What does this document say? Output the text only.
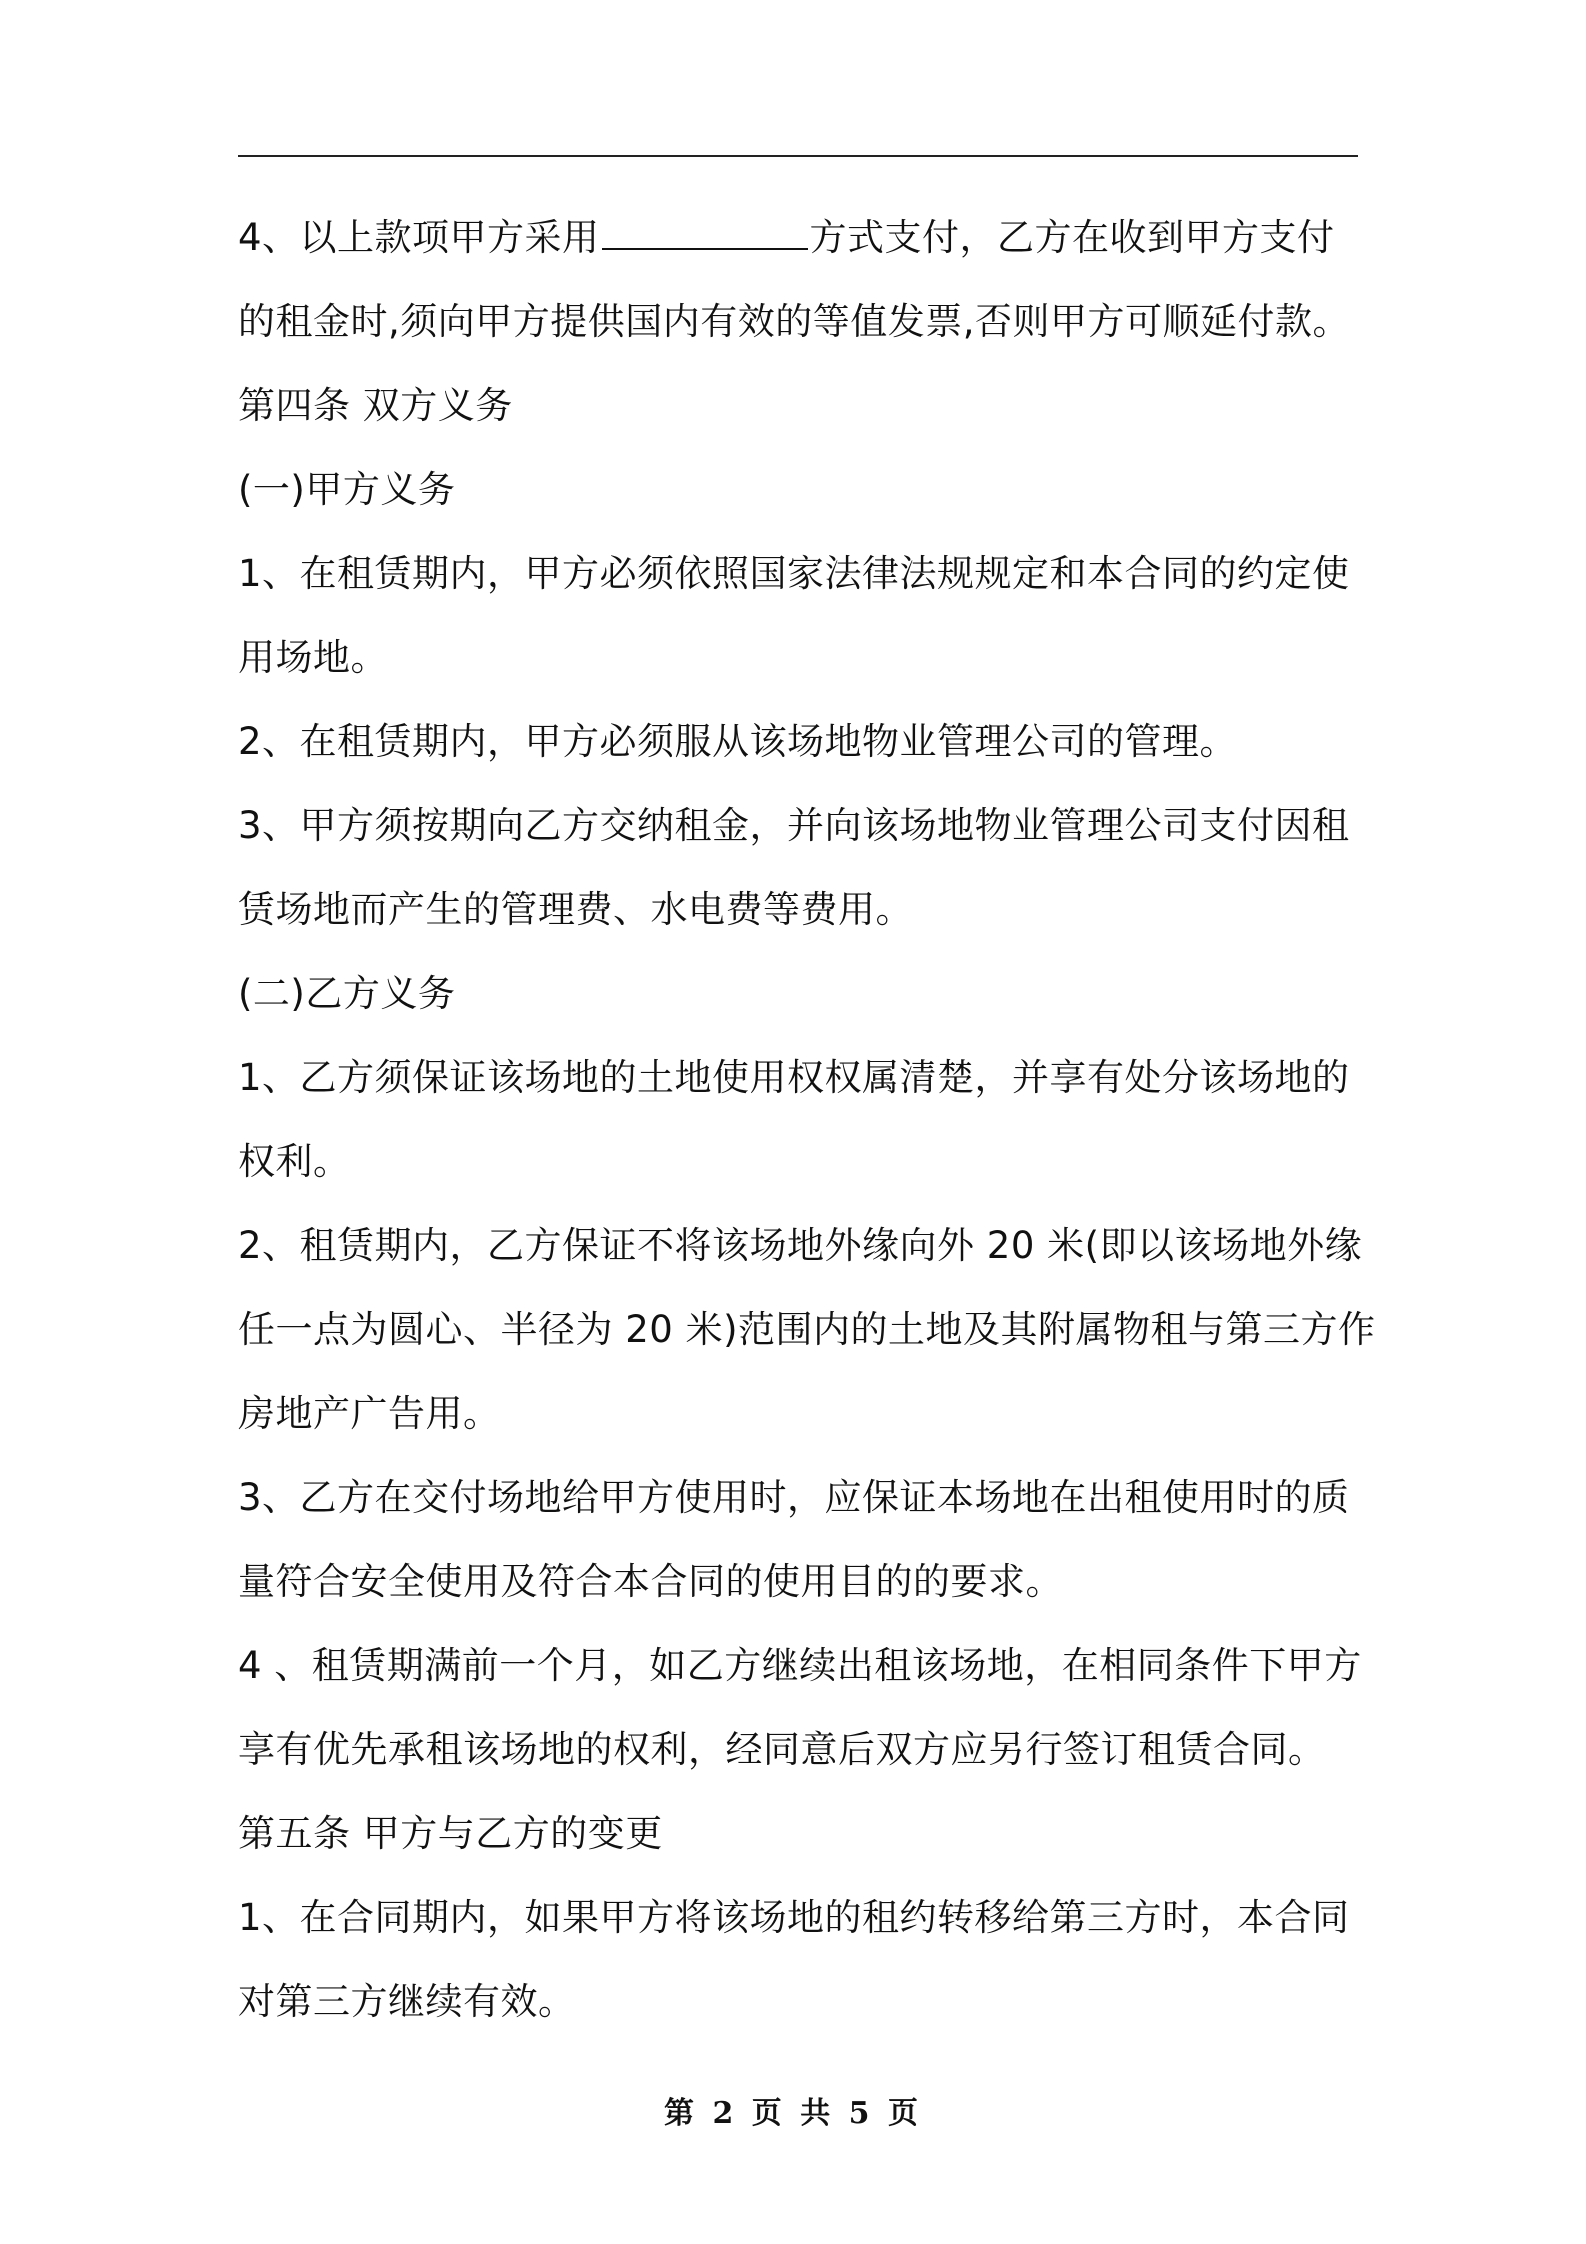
4、以上款项甲方采用	方式支付，乙方在收到甲方支付
的租金时,须向甲方提供国内有效的等值发票,否则甲方可顺延付款。
第四条 双方义务
(一)甲方义务
1、在租赁期内，甲方必须依照国家法律法规规定和本合同的约定使
用场地。
2、在租赁期内，甲方必须服从该场地物业管理公司的管理。
3、甲方须按期向乙方交纳租金，并向该场地物业管理公司支付因租
赁场地而产生的管理费、水电费等费用。
(二)乙方义务
1、乙方须保证该场地的土地使用权权属清楚，并享有处分该场地的
权利。
2、租赁期内，乙方保证不将该场地外缘向外 20 米(即以该场地外缘
任一点为圆心、半径为 20 米)范围内的土地及其附属物租与第三方作
房地产广告用。
3、乙方在交付场地给甲方使用时，应保证本场地在出租使用时的质
量符合安全使用及符合本合同的使用目的的要求。
4 、租赁期满前一个月，如乙方继续出租该场地，在相同条件下甲方
享有优先承租该场地的权利，经同意后双方应另行签订租赁合同。
第五条 甲方与乙方的变更
1、在合同期内，如果甲方将该场地的租约转移给第三方时，本合同
对第三方继续有效。
第 2 页 共 5 页
